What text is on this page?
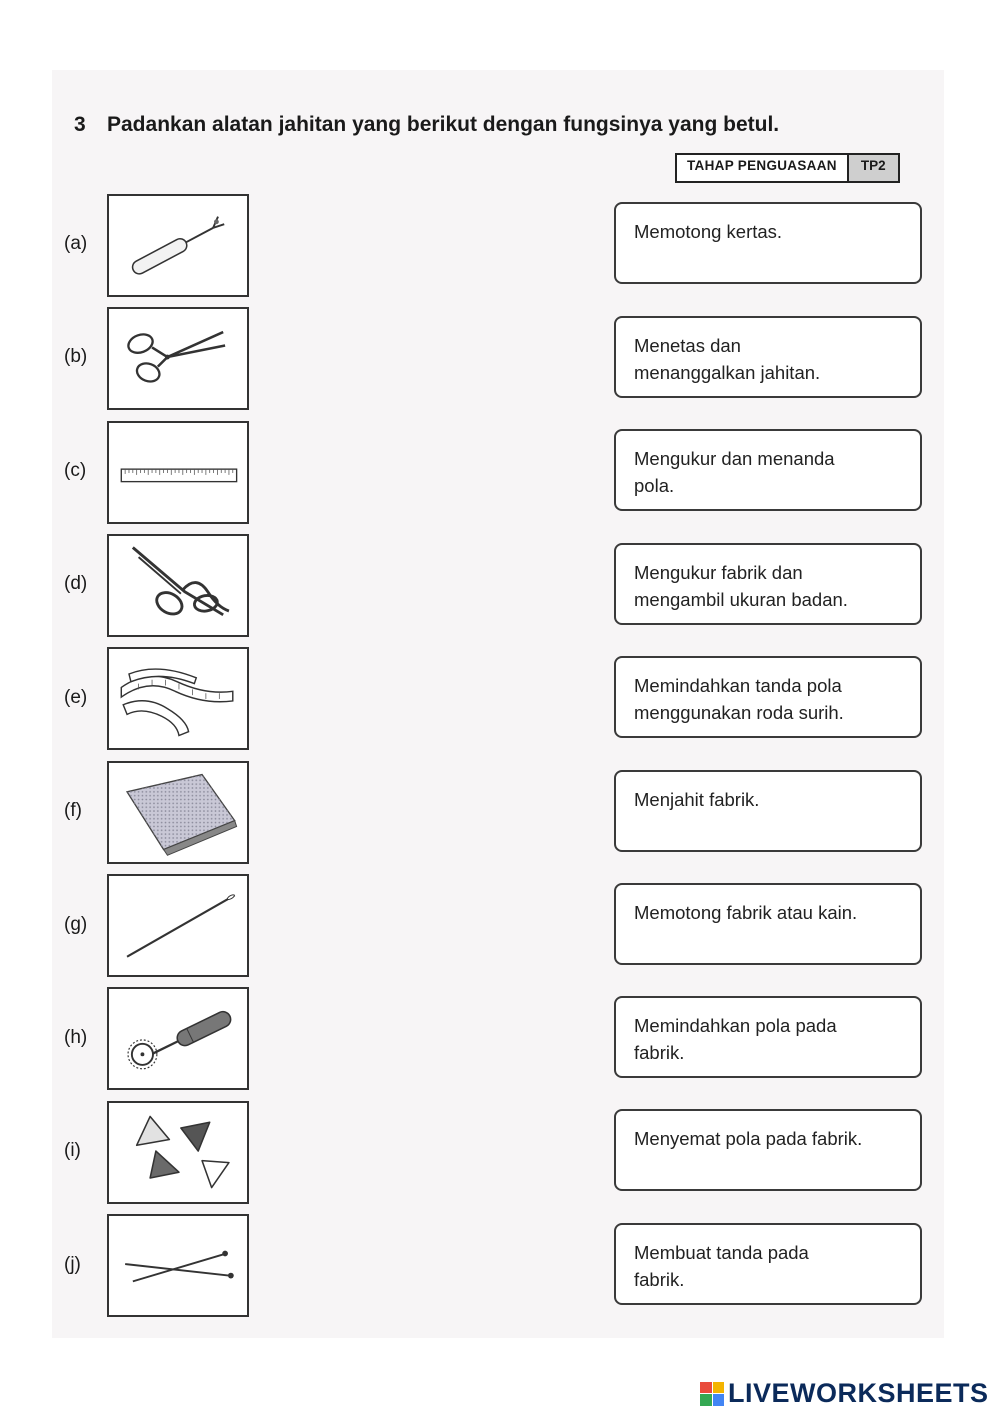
3 Padankan alatan jahitan yang berikut dengan fungsinya yang betul.
TAHAP PENGUASAAN	TP2
(a)
(b)
(c)
(d)
(e)
(f)
(g)
(h)
(i)
(j)
Memotong kertas.
Menetas dan
menanggalkan jahitan.
Mengukur dan menanda
pola.
Mengukur fabrik dan
mengambil ukuran badan.
Memindahkan tanda pola
menggunakan roda surih.
Menjahit fabrik.
Memotong fabrik atau kain.
Memindahkan pola pada
fabrik.
Menyemat pola pada fabrik.
Membuat tanda pada
fabrik.
LIVEWORKSHEETS
